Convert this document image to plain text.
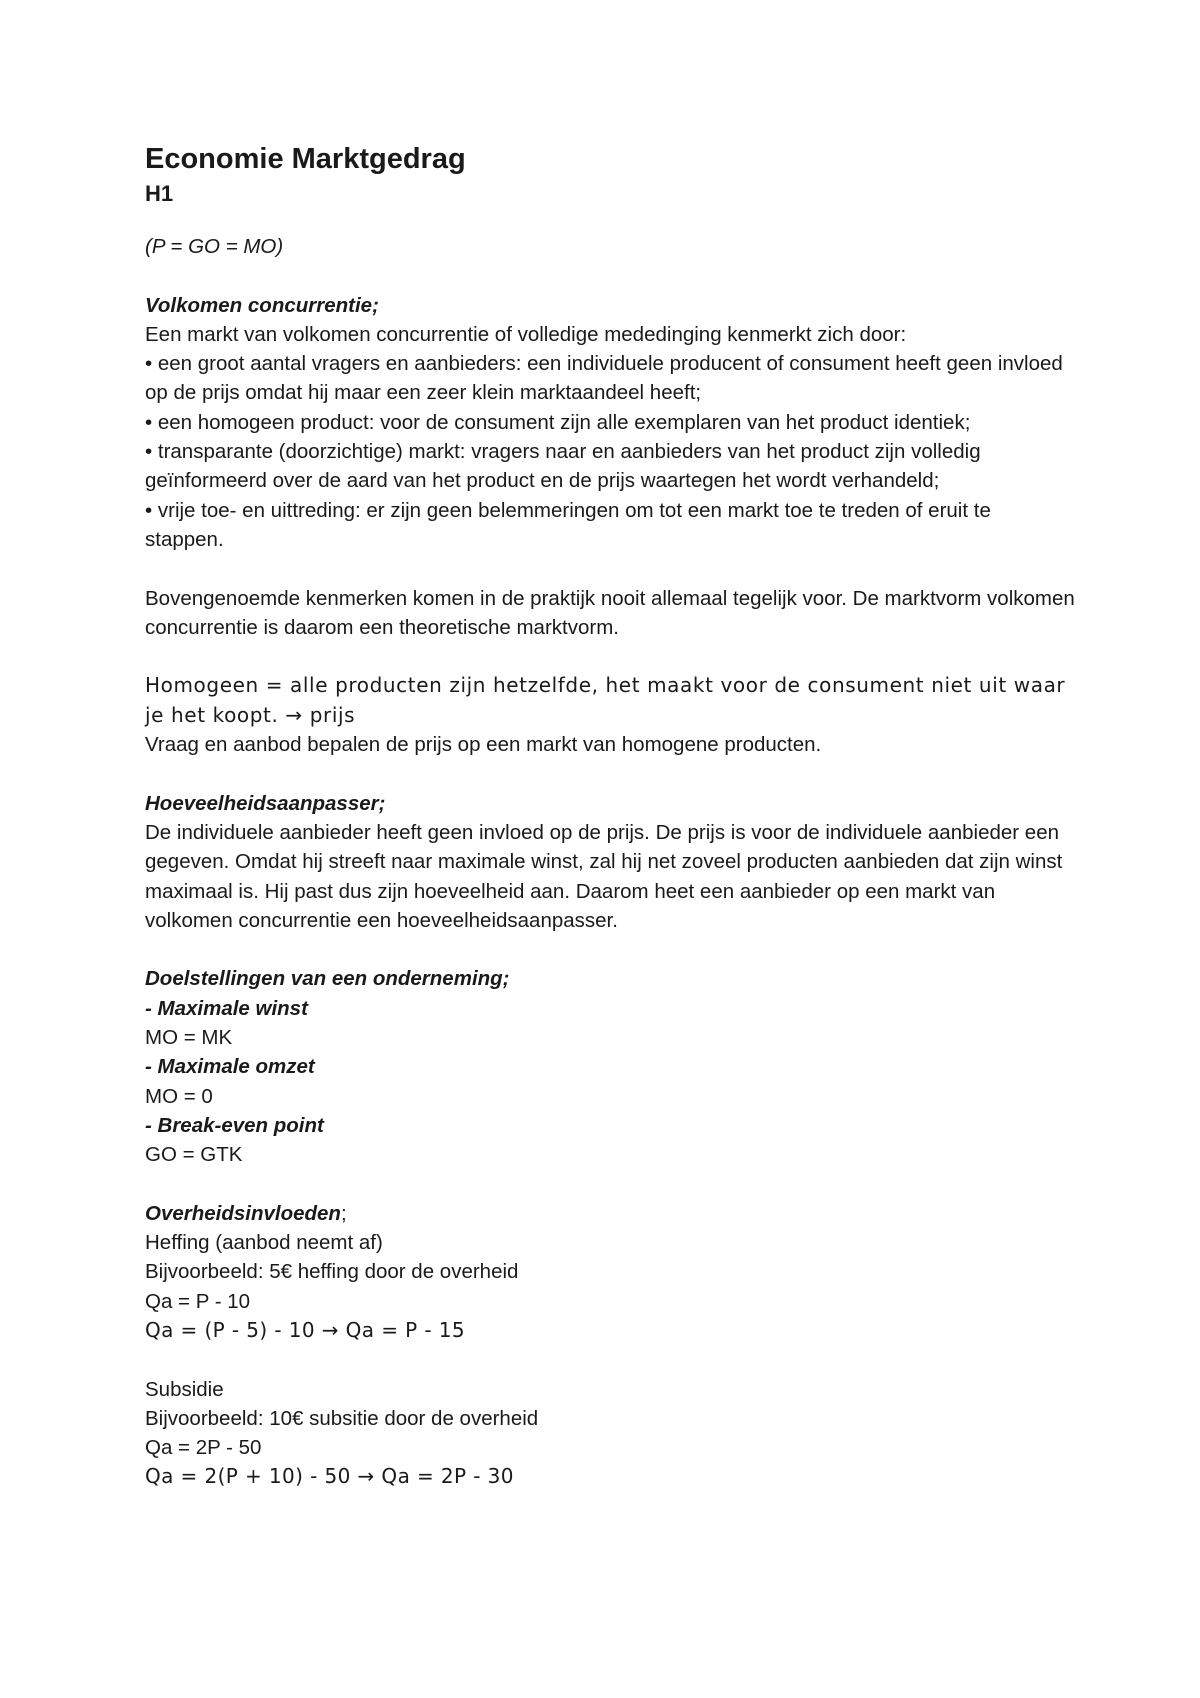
Economie Marktgedrag
H1

(P = GO = MO)

Volkomen concurrentie;

Een markt van volkomen concurrentie of volledige mededinging kenmerkt zich door:

• een groot aantal vragers en aanbieders: een individuele producent of consument heeft geen invloed op de prijs omdat hij maar een zeer klein marktaandeel heeft;

• een homogeen product: voor de consument zijn alle exemplaren van het product identiek;

• transparante (doorzichtige) markt: vragers naar en aanbieders van het product zijn volledig geïnformeerd over de aard van het product en de prijs waartegen het wordt verhandeld;

• vrije toe- en uittreding: er zijn geen belemmeringen om tot een markt toe te treden of eruit te stappen.

Bovengenoemde kenmerken komen in de praktijk nooit allemaal tegelijk voor. De marktvorm volkomen concurrentie is daarom een theoretische marktvorm.

Homogeen = alle producten zijn hetzelfde, het maakt voor de consument niet uit waar je het koopt. → prijs

Vraag en aanbod bepalen de prijs op een markt van homogene producten.

Hoeveelheidsaanpasser;

De individuele aanbieder heeft geen invloed op de prijs. De prijs is voor de individuele aanbieder een gegeven. Omdat hij streeft naar maximale winst, zal hij net zoveel producten aanbieden dat zijn winst maximaal is. Hij past dus zijn hoeveelheid aan. Daarom heet een aanbieder op een markt van volkomen concurrentie een hoeveelheidsaanpasser.

Doelstellingen van een onderneming;

- Maximale winst

MO = MK

- Maximale omzet

MO = 0

- Break-even point

GO = GTK

Overheidsinvloeden;

Heffing (aanbod neemt af)

Bijvoorbeeld: 5€ heffing door de overheid

Qa = P - 10

Qa = (P - 5) - 10 → Qa = P - 15

Subsidie

Bijvoorbeeld: 10€ subsitie door de overheid

Qa = 2P - 50

Qa = 2(P + 10) - 50 → Qa = 2P - 30
